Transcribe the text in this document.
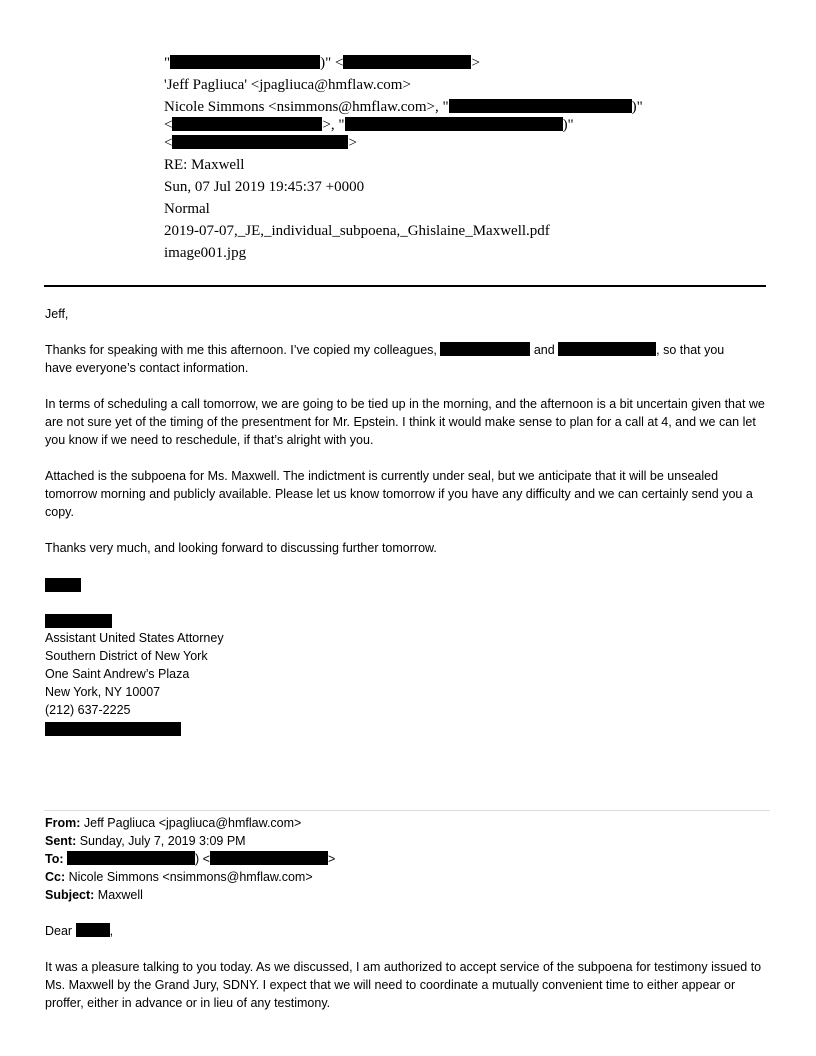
"	)" <	>
'Jeff Pagliuca' <jpagliuca@hmflaw.com>
Nicole Simmons <nsimmons@hmflaw.com>, "	)"
<	>, "	)"
<	>
RE: Maxwell
Sun, 07 Jul 2019 19:45:37 +0000
Normal
2019-07-07,_JE,_individual_subpoena,_Ghislaine_Maxwell.pdf
image001.jpg
Jeff,
Thanks for speaking with me this afternoon. I’ve copied my colleagues,	and	, so that you
have everyone’s contact information.
In terms of scheduling a call tomorrow, we are going to be tied up in the morning, and the afternoon is a bit uncertain given that we are not sure yet of the timing of the presentment for Mr. Epstein. I think it would make sense to plan for a call at 4, and we can let you know if we need to reschedule, if that’s alright with you.
Attached is the subpoena for Ms. Maxwell. The indictment is currently under seal, but we anticipate that it will be unsealed tomorrow morning and publicly available. Please let us know tomorrow if you have any difficulty and we can certainly send you a copy.
Thanks very much, and looking forward to discussing further tomorrow.
Assistant United States Attorney
Southern District of New York
One Saint Andrew’s Plaza
New York, NY 10007
(212) 637-2225
From: Jeff Pagliuca <jpagliuca@hmflaw.com>
Sent: Sunday, July 7, 2019 3:09 PM
To:	) <	>
Cc: Nicole Simmons <nsimmons@hmflaw.com>
Subject: Maxwell
Dear	,
It was a pleasure talking to you today. As we discussed, I am authorized to accept service of the subpoena for testimony issued to Ms. Maxwell by the Grand Jury, SDNY. I expect that we will need to coordinate a mutually convenient time to either appear or proffer, either in advance or in lieu of any testimony.
